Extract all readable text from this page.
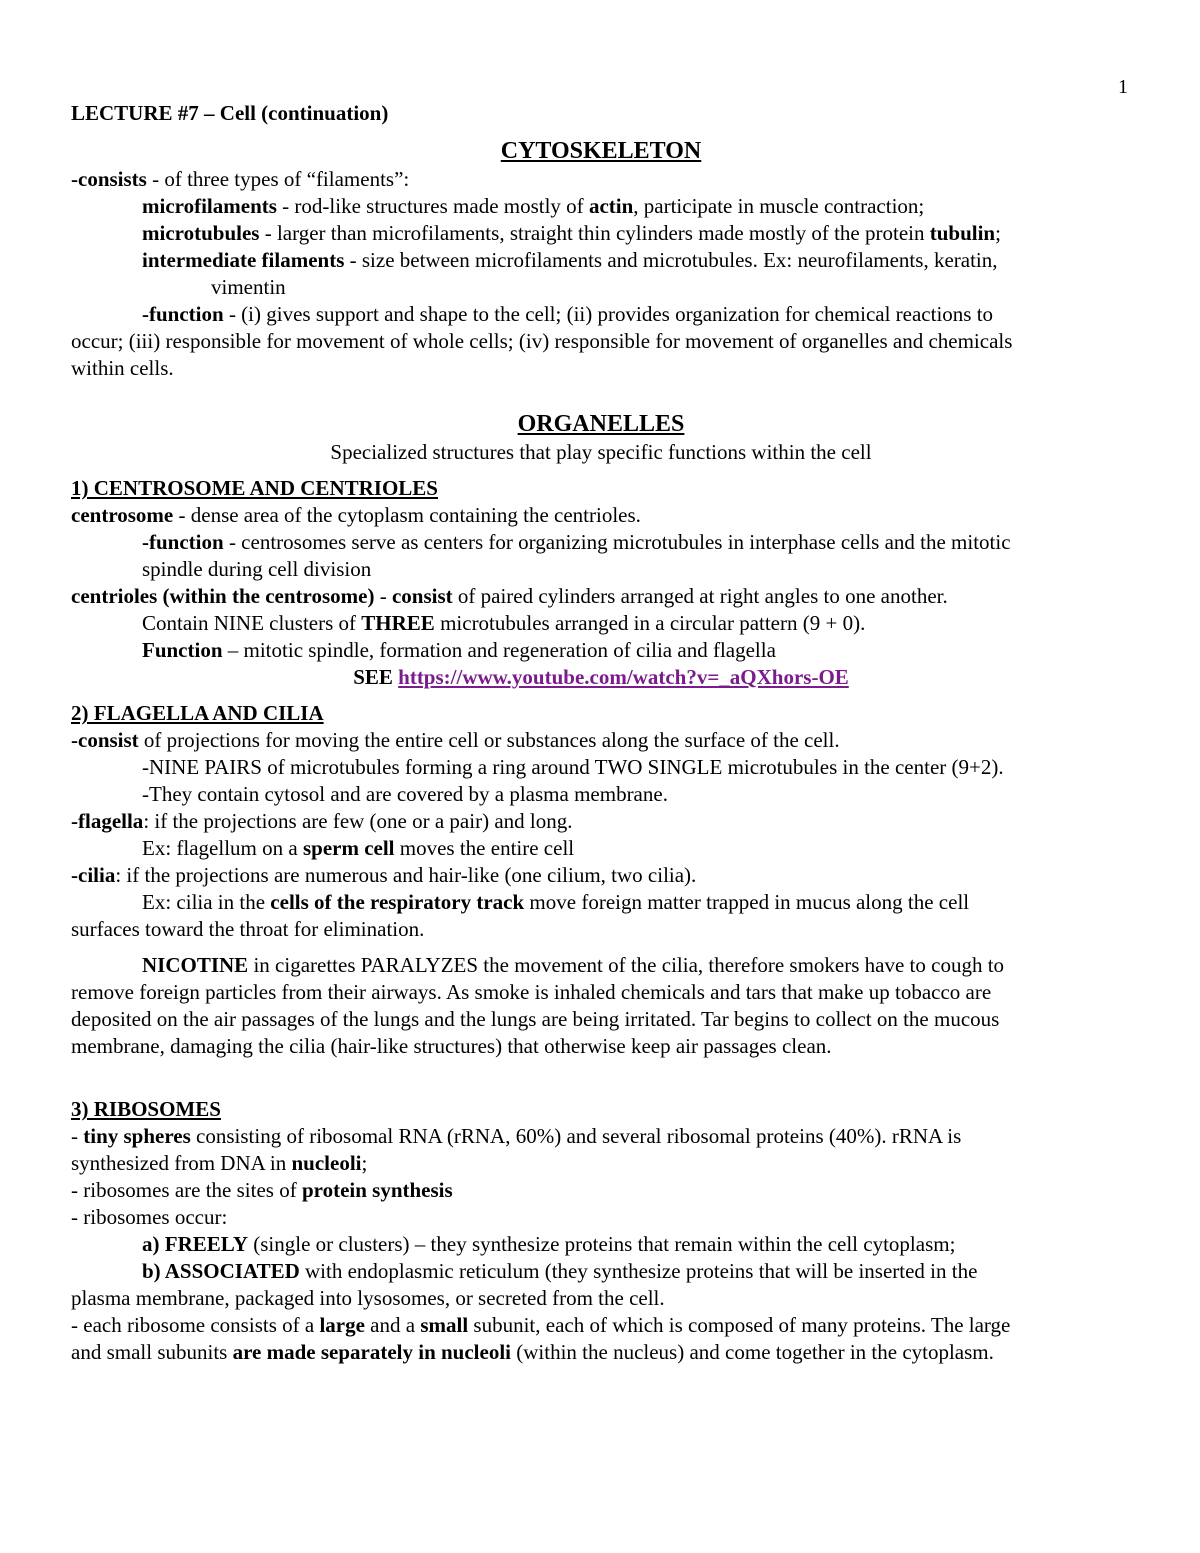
1
LECTURE #7 – Cell (continuation)
CYTOSKELETON
-consists - of three types of “filaments”:
microfilaments - rod-like structures made mostly of actin, participate in muscle contraction;
microtubules - larger than microfilaments, straight thin cylinders made mostly of the protein tubulin;
intermediate filaments - size between microfilaments and microtubules. Ex: neurofilaments, keratin,
vimentin
-function - (i) gives support and shape to the cell; (ii) provides organization for chemical reactions to
occur; (iii) responsible for movement of whole cells; (iv) responsible for movement of organelles and chemicals
within cells.
ORGANELLES
Specialized structures that play specific functions within the cell
1) CENTROSOME AND CENTRIOLES
centrosome - dense area of the cytoplasm containing the centrioles.
-function - centrosomes serve as centers for organizing microtubules in interphase cells and the mitotic
spindle during cell division
centrioles (within the centrosome) - consist of paired cylinders arranged at right angles to one another.
Contain NINE clusters of THREE microtubules arranged in a circular pattern (9 + 0).
Function – mitotic spindle, formation and regeneration of cilia and flagella
SEE https://www.youtube.com/watch?v=_aQXhors-OE
2) FLAGELLA AND CILIA
-consist of projections for moving the entire cell or substances along the surface of the cell.
-NINE PAIRS of microtubules forming a ring around TWO SINGLE microtubules in the center (9+2).
-They contain cytosol and are covered by a plasma membrane.
-flagella: if the projections are few (one or a pair) and long.
Ex: flagellum on a sperm cell moves the entire cell
-cilia: if the projections are numerous and hair-like (one cilium, two cilia).
Ex: cilia in the cells of the respiratory track move foreign matter trapped in mucus along the cell
surfaces toward the throat for elimination.
NICOTINE in cigarettes PARALYZES the movement of the cilia, therefore smokers have to cough to
remove foreign particles from their airways. As smoke is inhaled chemicals and tars that make up tobacco are
deposited on the air passages of the lungs and the lungs are being irritated. Tar begins to collect on the mucous
membrane, damaging the cilia (hair-like structures) that otherwise keep air passages clean.
3) RIBOSOMES
- tiny spheres consisting of ribosomal RNA (rRNA, 60%) and several ribosomal proteins (40%). rRNA is
synthesized from DNA in nucleoli;
- ribosomes are the sites of protein synthesis
- ribosomes occur:
a) FREELY (single or clusters) – they synthesize proteins that remain within the cell cytoplasm;
b) ASSOCIATED with endoplasmic reticulum (they synthesize proteins that will be inserted in the
plasma membrane, packaged into lysosomes, or secreted from the cell.
- each ribosome consists of a large and a small subunit, each of which is composed of many proteins. The large
and small subunits are made separately in nucleoli (within the nucleus) and come together in the cytoplasm.
